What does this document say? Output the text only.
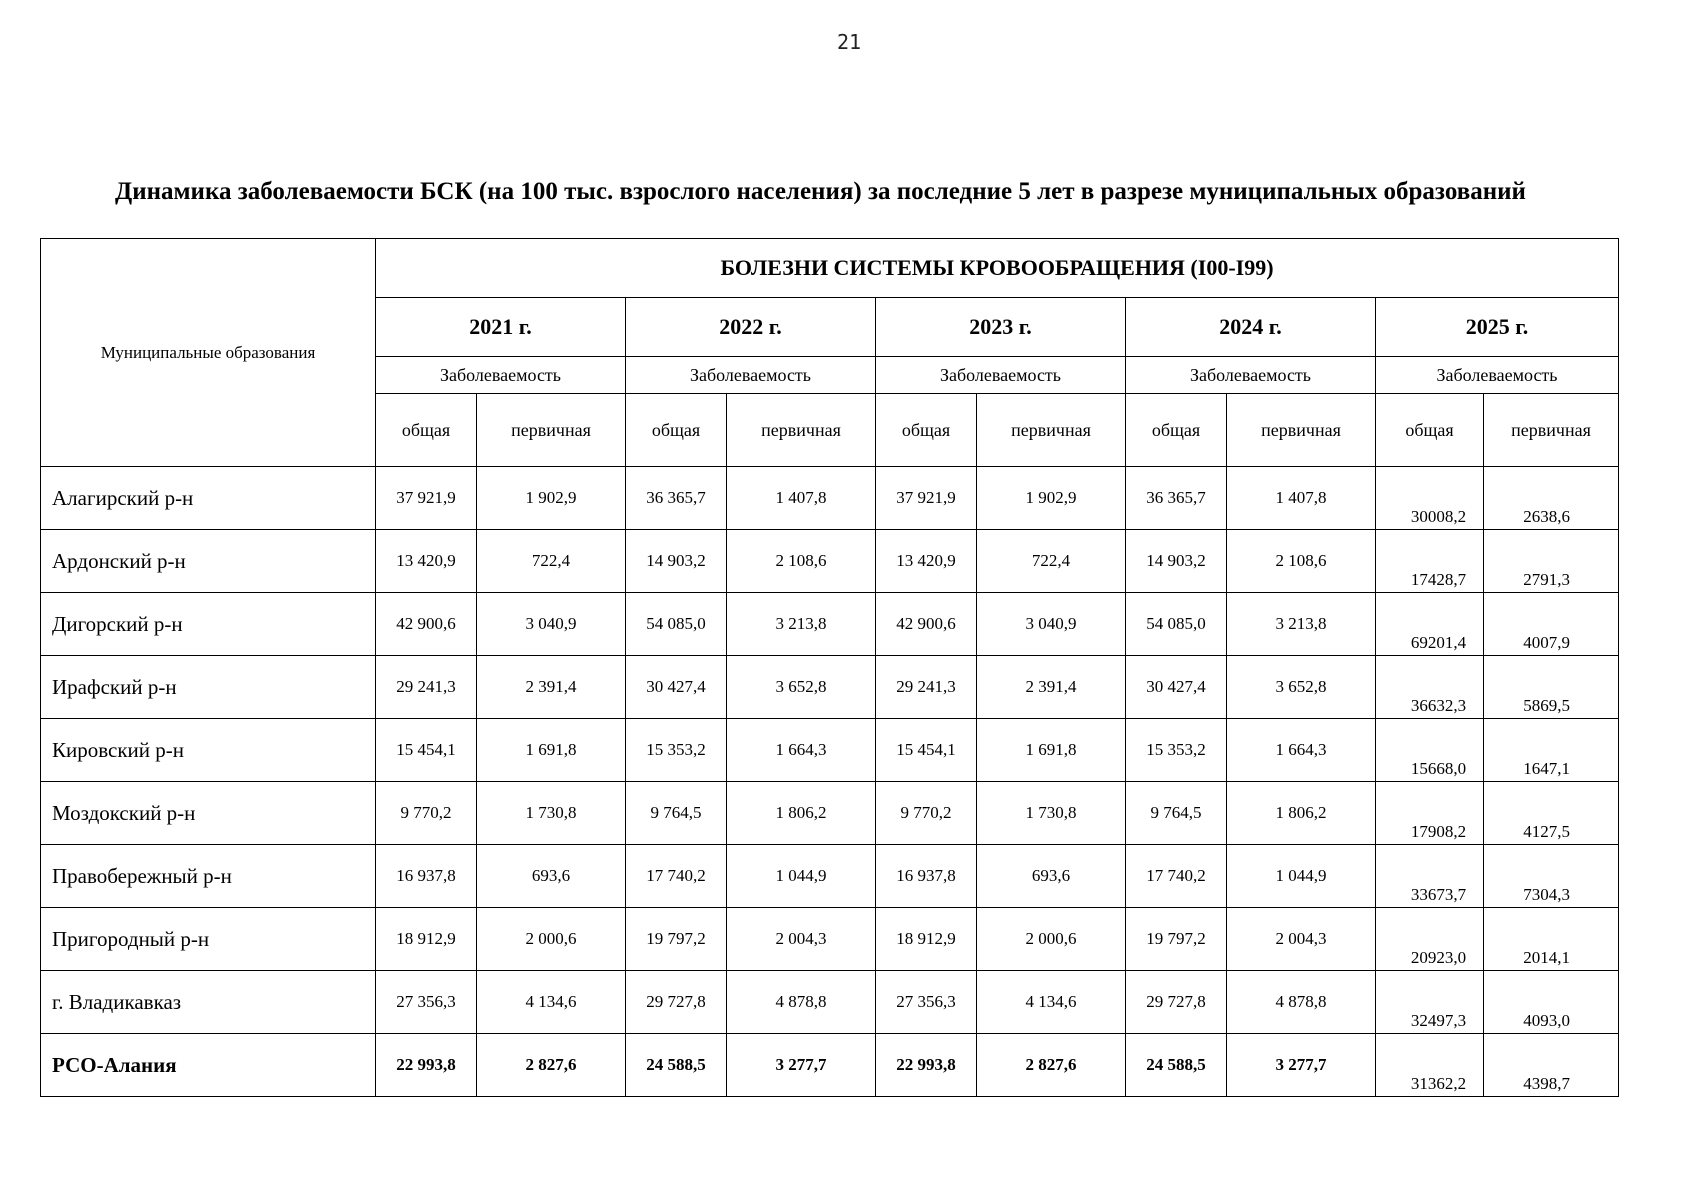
21
Динамика заболеваемости БСК (на 100 тыс. взрослого населения) за последние 5 лет в разрезе муниципальных образований
Муниципальные образования	БОЛЕЗНИ СИСТЕМЫ КРОВООБРАЩЕНИЯ (I00-I99)									
	2021 г.		2022 г.		2023 г.		2024 г.		2025 г.	
	Заболеваемость		Заболеваемость		Заболеваемость		Заболеваемость		Заболеваемость	
	общая	первичная	общая	первичная	общая	первичная	общая	первичная	общая	первичная
Алагирский р-н	37 921,9	1 902,9	36 365,7	1 407,8	37 921,9	1 902,9	36 365,7	1 407,8	30008,2	2638,6
Ардонский р-н	13 420,9	722,4	14 903,2	2 108,6	13 420,9	722,4	14 903,2	2 108,6	17428,7	2791,3
Дигорский р-н	42 900,6	3 040,9	54 085,0	3 213,8	42 900,6	3 040,9	54 085,0	3 213,8	69201,4	4007,9
Ирафский р-н	29 241,3	2 391,4	30 427,4	3 652,8	29 241,3	2 391,4	30 427,4	3 652,8	36632,3	5869,5
Кировский р-н	15 454,1	1 691,8	15 353,2	1 664,3	15 454,1	1 691,8	15 353,2	1 664,3	15668,0	1647,1
Моздокский р-н	9 770,2	1 730,8	9 764,5	1 806,2	9 770,2	1 730,8	9 764,5	1 806,2	17908,2	4127,5
Правобережный р-н	16 937,8	693,6	17 740,2	1 044,9	16 937,8	693,6	17 740,2	1 044,9	33673,7	7304,3
Пригородный р-н	18 912,9	2 000,6	19 797,2	2 004,3	18 912,9	2 000,6	19 797,2	2 004,3	20923,0	2014,1
г. Владикавказ	27 356,3	4 134,6	29 727,8	4 878,8	27 356,3	4 134,6	29 727,8	4 878,8	32497,3	4093,0
РСО-Алания	22 993,8	2 827,6	24 588,5	3 277,7	22 993,8	2 827,6	24 588,5	3 277,7	31362,2	4398,7
